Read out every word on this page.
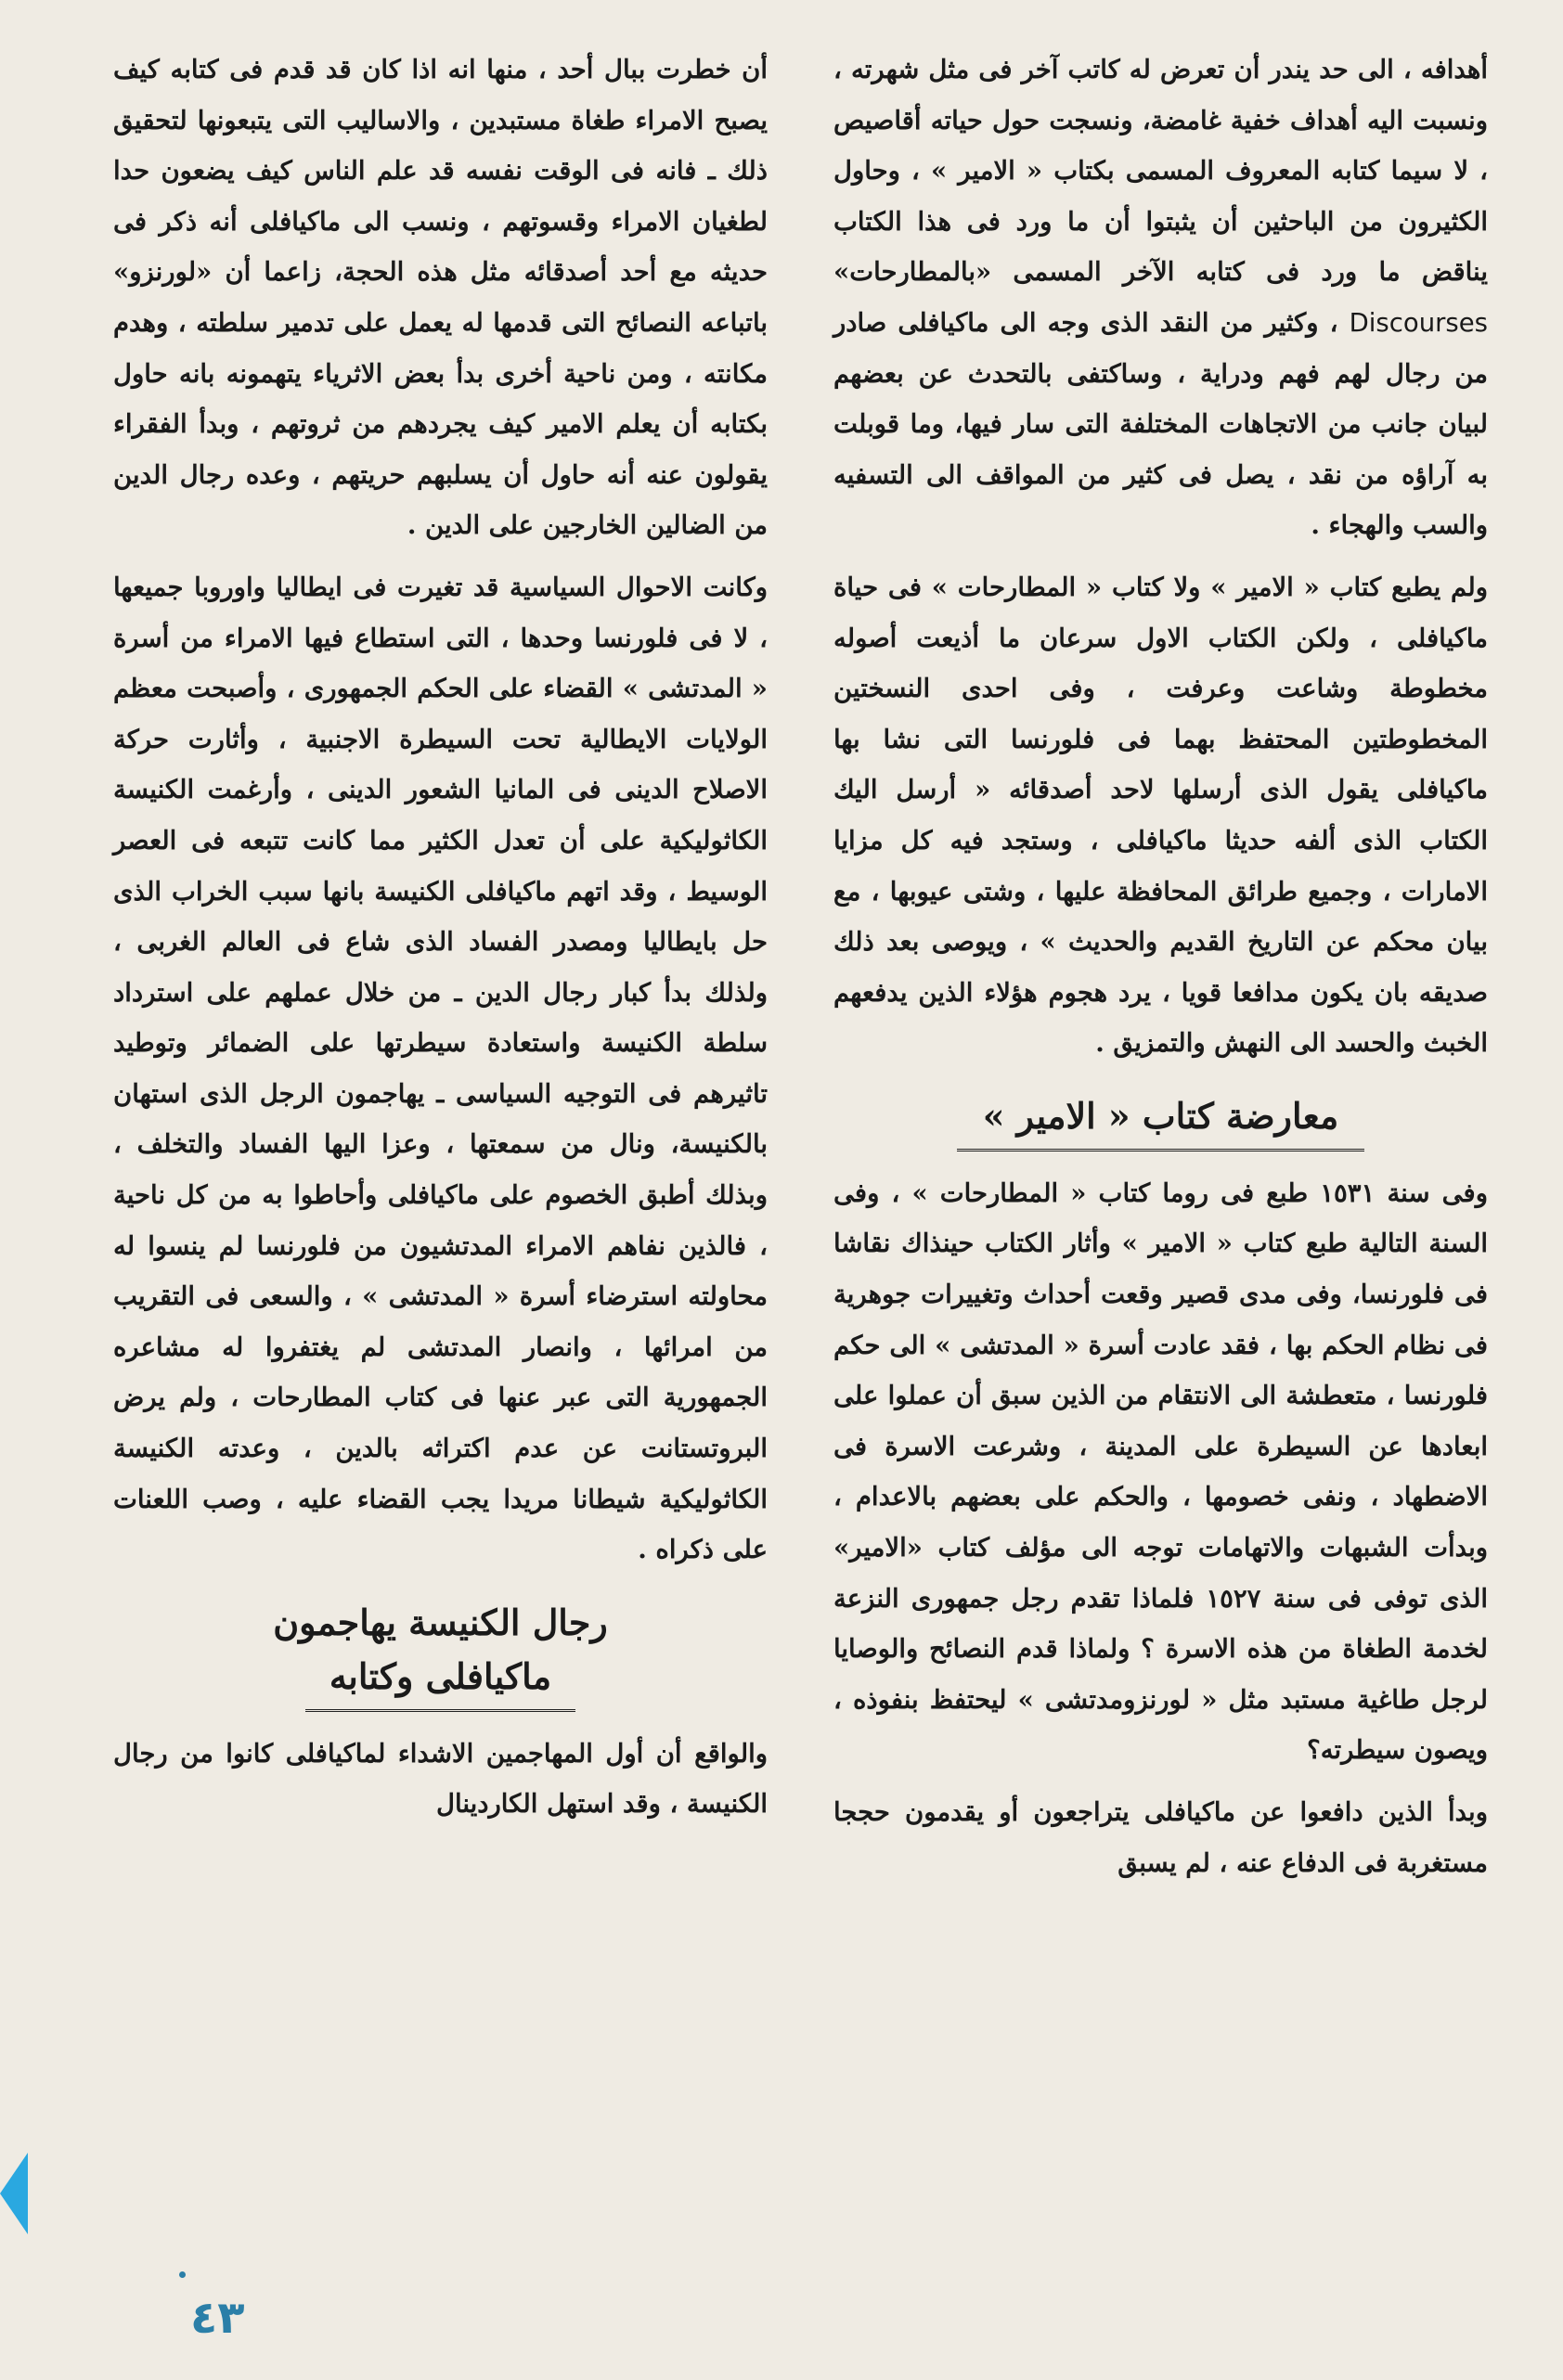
أهدافه ، الى حد يندر أن تعرض له كاتب آخر فى مثل شهرته ، ونسبت اليه أهداف خفية غامضة، ونسجت حول حياته أقاصيص ، لا سيما كتابه المعروف المسمى بكتاب « الامير » ، وحاول الكثيرون من الباحثين أن يثبتوا أن ما ورد فى هذا الكتاب يناقض ما ورد فى كتابه الآخر المسمى «بالمطارحات» Discourses ، وكثير من النقد الذى وجه الى ماكيافلى صادر من رجال لهم فهم ودراية ، وساكتفى بالتحدث عن بعضهم لبيان جانب من الاتجاهات المختلفة التى سار فيها، وما قوبلت به آراؤه من نقد ، يصل فى كثير من المواقف الى التسفيه والسب والهجاء .

ولم يطبع كتاب « الامير » ولا كتاب « المطارحات » فى حياة ماكيافلى ، ولكن الكتاب الاول سرعان ما أذيعت أصوله مخطوطة وشاعت وعرفت ، وفى احدى النسختين المخطوطتين المحتفظ بهما فى فلورنسا التى نشا بها ماكيافلى يقول الذى أرسلها لاحد أصدقائه « أرسل اليك الكتاب الذى ألفه حديثا ماكيافلى ، وستجد فيه كل مزايا الامارات ، وجميع طرائق المحافظة عليها ، وشتى عيوبها ، مع بيان محكم عن التاريخ القديم والحديث » ، ويوصى بعد ذلك صديقه بان يكون مدافعا قويا ، يرد هجوم هؤلاء الذين يدفعهم الخبث والحسد الى النهش والتمزيق .

معارضة كتاب « الامير »

وفى سنة ١٥٣١ طبع فى روما كتاب « المطارحات » ، وفى السنة التالية طبع كتاب « الامير » وأثار الكتاب حينذاك نقاشا فى فلورنسا، وفى مدى قصير وقعت أحداث وتغييرات جوهرية فى نظام الحكم بها ، فقد عادت أسرة « المدتشى » الى حكم فلورنسا ، متعطشة الى الانتقام من الذين سبق أن عملوا على ابعادها عن السيطرة على المدينة ، وشرعت الاسرة فى الاضطهاد ، ونفى خصومها ، والحكم على بعضهم بالاعدام ، وبدأت الشبهات والاتهامات توجه الى مؤلف كتاب «الامير» الذى توفى فى سنة ١٥٢٧ فلماذا تقدم رجل جمهورى النزعة لخدمة الطغاة من هذه الاسرة ؟ ولماذا قدم النصائح والوصايا لرجل طاغية مستبد مثل « لورنزومدتشى » ليحتفظ بنفوذه ، ويصون سيطرته؟

وبدأ الذين دافعوا عن ماكيافلى يتراجعون أو يقدمون حججا مستغربة فى الدفاع عنه ، لم يسبق

أن خطرت ببال أحد ، منها انه اذا كان قد قدم فى كتابه كيف يصبح الامراء طغاة مستبدين ، والاساليب التى يتبعونها لتحقيق ذلك ـ فانه فى الوقت نفسه قد علم الناس كيف يضعون حدا لطغيان الامراء وقسوتهم ، ونسب الى ماكيافلى أنه ذكر فى حديثه مع أحد أصدقائه مثل هذه الحجة، زاعما أن «لورنزو» باتباعه النصائح التى قدمها له يعمل على تدمير سلطته ، وهدم مكانته ، ومن ناحية أخرى بدأ بعض الاثرياء يتهمونه بانه حاول بكتابه أن يعلم الامير كيف يجردهم من ثروتهم ، وبدأ الفقراء يقولون عنه أنه حاول أن يسلبهم حريتهم ، وعده رجال الدين من الضالين الخارجين على الدين .

وكانت الاحوال السياسية قد تغيرت فى ايطاليا واوروبا جميعها ، لا فى فلورنسا وحدها ، التى استطاع فيها الامراء من أسرة « المدتشى » القضاء على الحكم الجمهورى ، وأصبحت معظم الولايات الايطالية تحت السيطرة الاجنبية ، وأثارت حركة الاصلاح الدينى فى المانيا الشعور الدينى ، وأرغمت الكنيسة الكاثوليكية على أن تعدل الكثير مما كانت تتبعه فى العصر الوسيط ، وقد اتهم ماكيافلى الكنيسة بانها سبب الخراب الذى حل بايطاليا ومصدر الفساد الذى شاع فى العالم الغربى ، ولذلك بدأ كبار رجال الدين ـ من خلال عملهم على استرداد سلطة الكنيسة واستعادة سيطرتها على الضمائر وتوطيد تاثيرهم فى التوجيه السياسى ـ يهاجمون الرجل الذى استهان بالكنيسة، ونال من سمعتها ، وعزا اليها الفساد والتخلف ، وبذلك أطبق الخصوم على ماكيافلى وأحاطوا به من كل ناحية ، فالذين نفاهم الامراء المدتشيون من فلورنسا لم ينسوا له محاولته استرضاء أسرة « المدتشى » ، والسعى فى التقريب من امرائها ، وانصار المدتشى لم يغتفروا له مشاعره الجمهورية التى عبر عنها فى كتاب المطارحات ، ولم يرض البروتستانت عن عدم اكتراثه بالدين ، وعدته الكنيسة الكاثوليكية شيطانا مريدا يجب القضاء عليه ، وصب اللعنات على ذكراه .

رجال الكنيسة يهاجمون
ماكيافلى وكتابه

والواقع أن أول المهاجمين الاشداء لماكيافلى كانوا من رجال الكنيسة ، وقد استهل الكاردينال

٤٣
